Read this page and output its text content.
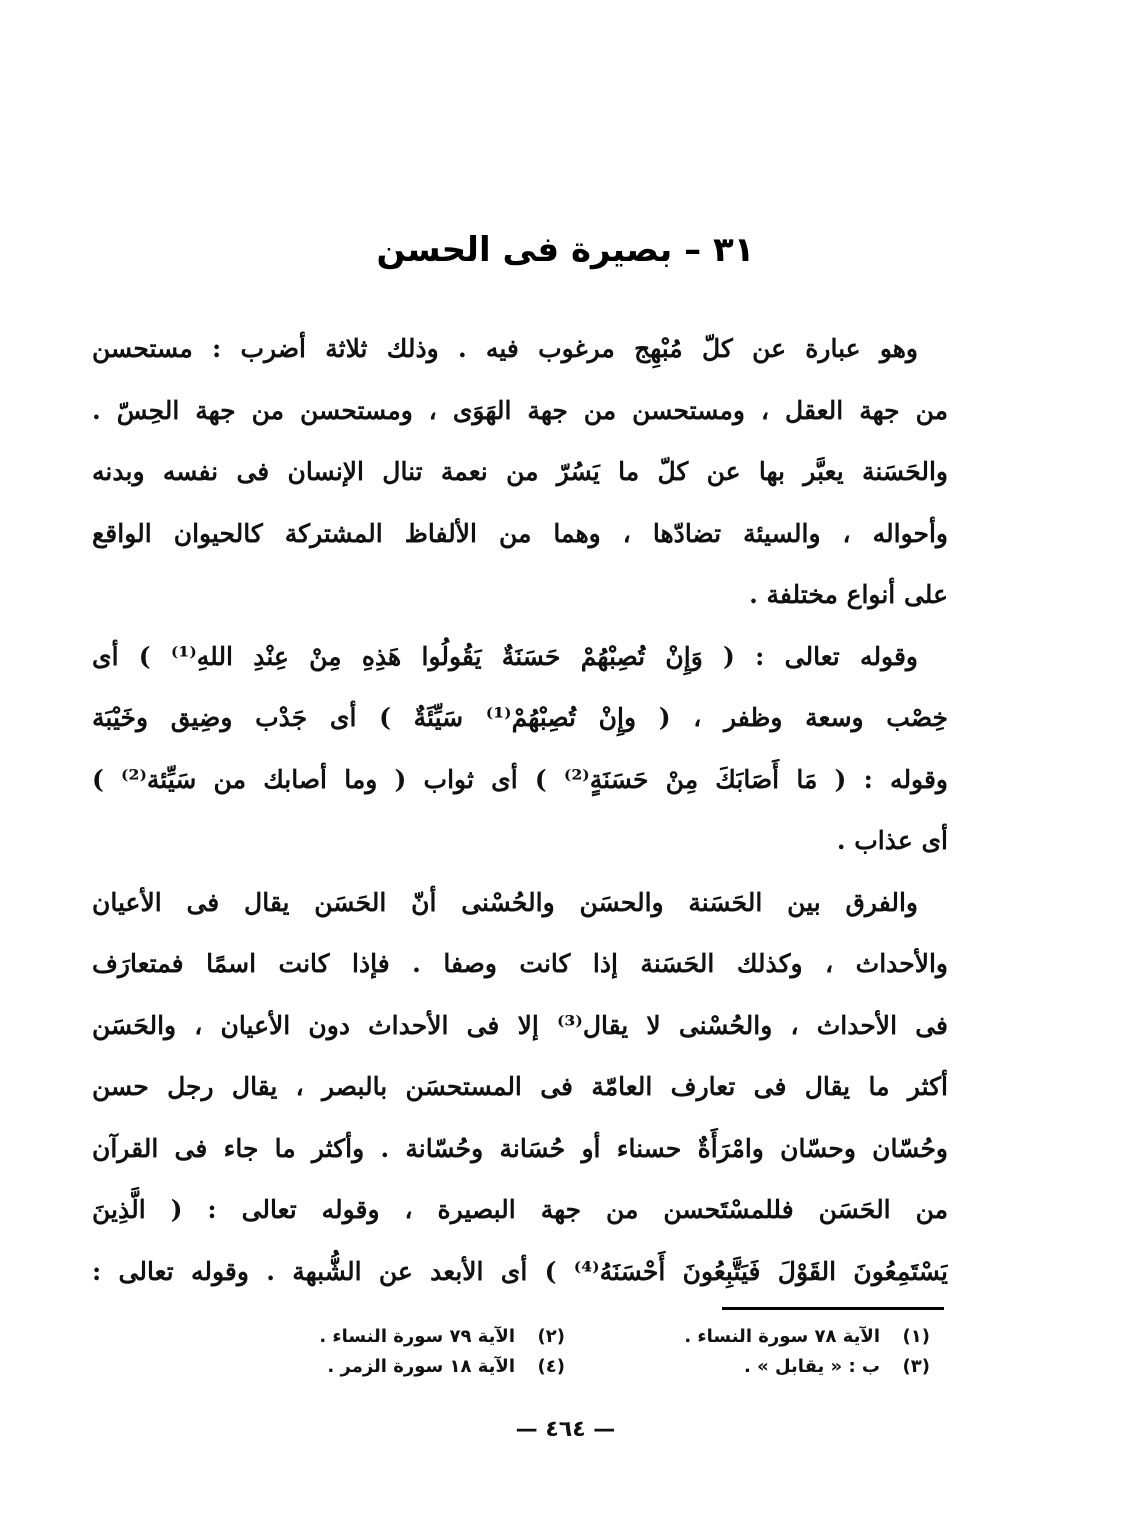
٣١ – بصيرة فى الحسن
وهو عبارة عن كلّ مُبْهِج مرغوب فيه . وذلك ثلاثة أضرب : مستحسن
من جهة العقل ، ومستحسن من جهة الهَوَى ، ومستحسن من جهة الحِسّ .
والحَسَنة يعبَّر بها عن كلّ ما يَسُرّ من نعمة تنال الإنسان فى نفسه وبدنه
وأحواله ، والسيئة تضادّها ، وهما من الألفاظ المشتركة كالحيوان الواقع
على أنواع مختلفة .
وقوله تعالى : ( وَإِنْ تُصِبْهُمْ حَسَنَةٌ يَقُولُوا هَذِهِ مِنْ عِنْدِ اللهِ⁽¹⁾ ) أى
خِصْب وسعة وظفر ، ( وإِنْ تُصِبْهُمْ⁽¹⁾ سَيِّئَةٌ ) أى جَدْب وضِيق وخَيْبَة
وقوله : ( مَا أَصَابَكَ مِنْ حَسَنَةٍ⁽²⁾ ) أى ثواب ( وما أصابك من سَيِّئة⁽²⁾ )
أى عذاب .
والفرق بين الحَسَنة والحسَن والحُسْنى أنّ الحَسَن يقال فى الأعيان
والأحداث ، وكذلك الحَسَنة إذا كانت وصفا . فإذا كانت اسمًا فمتعارَف
فى الأحداث ، والحُسْنى لا يقال⁽³⁾ إلا فى الأحداث دون الأعيان ، والحَسَن
أكثر ما يقال فى تعارف العامّة فى المستحسَن بالبصر ، يقال رجل حسن
وحُسّان وحسّان وامْرَأَةٌ حسناء أو حُسَانة وحُسّانة . وأكثر ما جاء فى القرآن
من الحَسَن فللمسْتَحسن من جهة البصيرة ، وقوله تعالى : ( الَّذِينَ
يَسْتَمِعُونَ القَوْلَ فَيَتَّبِعُونَ أَحْسَنَهُ⁽⁴⁾ ) أى الأبعد عن الشُّبهة . وقوله تعالى :
(١)
الآية ٧٨ سورة النساء .
(٢)
الآية ٧٩ سورة النساء .
(٣)
ب : « يقابل » .
(٤)
الآية ١٨ سورة الزمر .
— ٤٦٤ —
